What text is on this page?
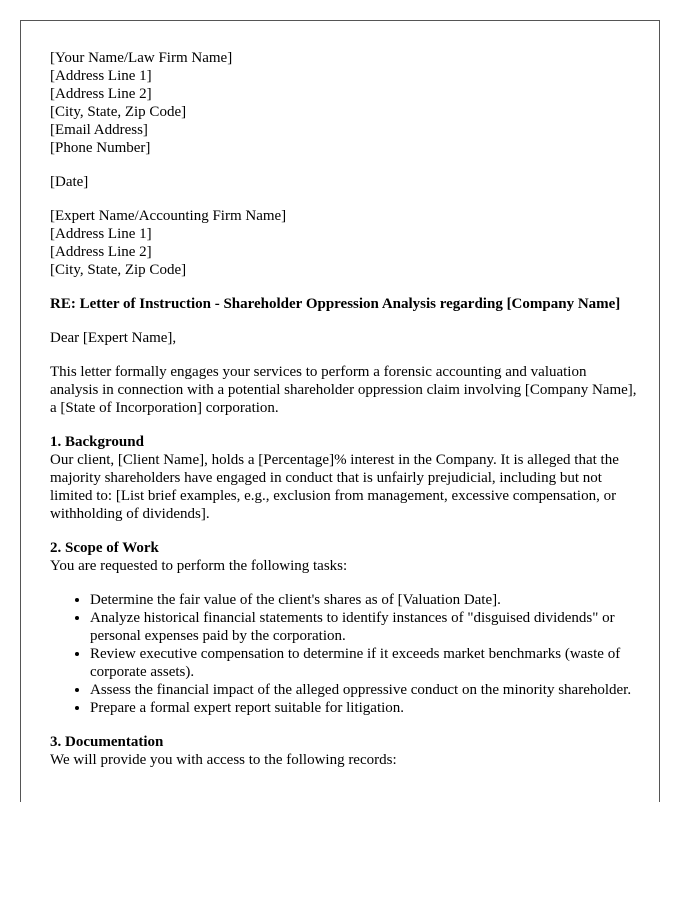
[Your Name/Law Firm Name]

[Address Line 1]

[Address Line 2]

[City, State, Zip Code]

[Email Address]

[Phone Number]

[Date]

[Expert Name/Accounting Firm Name]

[Address Line 1]

[Address Line 2]

[City, State, Zip Code]

RE: Letter of Instruction - Shareholder Oppression Analysis regarding [Company Name]

Dear [Expert Name],

This letter formally engages your services to perform a forensic accounting and valuation analysis in connection with a potential shareholder oppression claim involving [Company Name], a [State of Incorporation] corporation.

1. Background

Our client, [Client Name], holds a [Percentage]% interest in the Company. It is alleged that the majority shareholders have engaged in conduct that is unfairly prejudicial, including but not limited to: [List brief examples, e.g., exclusion from management, excessive compensation, or withholding of dividends].

2. Scope of Work

You are requested to perform the following tasks:

• Determine the fair value of the client's shares as of [Valuation Date].
• Analyze historical financial statements to identify instances of "disguised dividends" or personal expenses paid by the corporation.
• Review executive compensation to determine if it exceeds market benchmarks (waste of corporate assets).
• Assess the financial impact of the alleged oppressive conduct on the minority shareholder.
• Prepare a formal expert report suitable for litigation.

3. Documentation

We will provide you with access to the following records:
